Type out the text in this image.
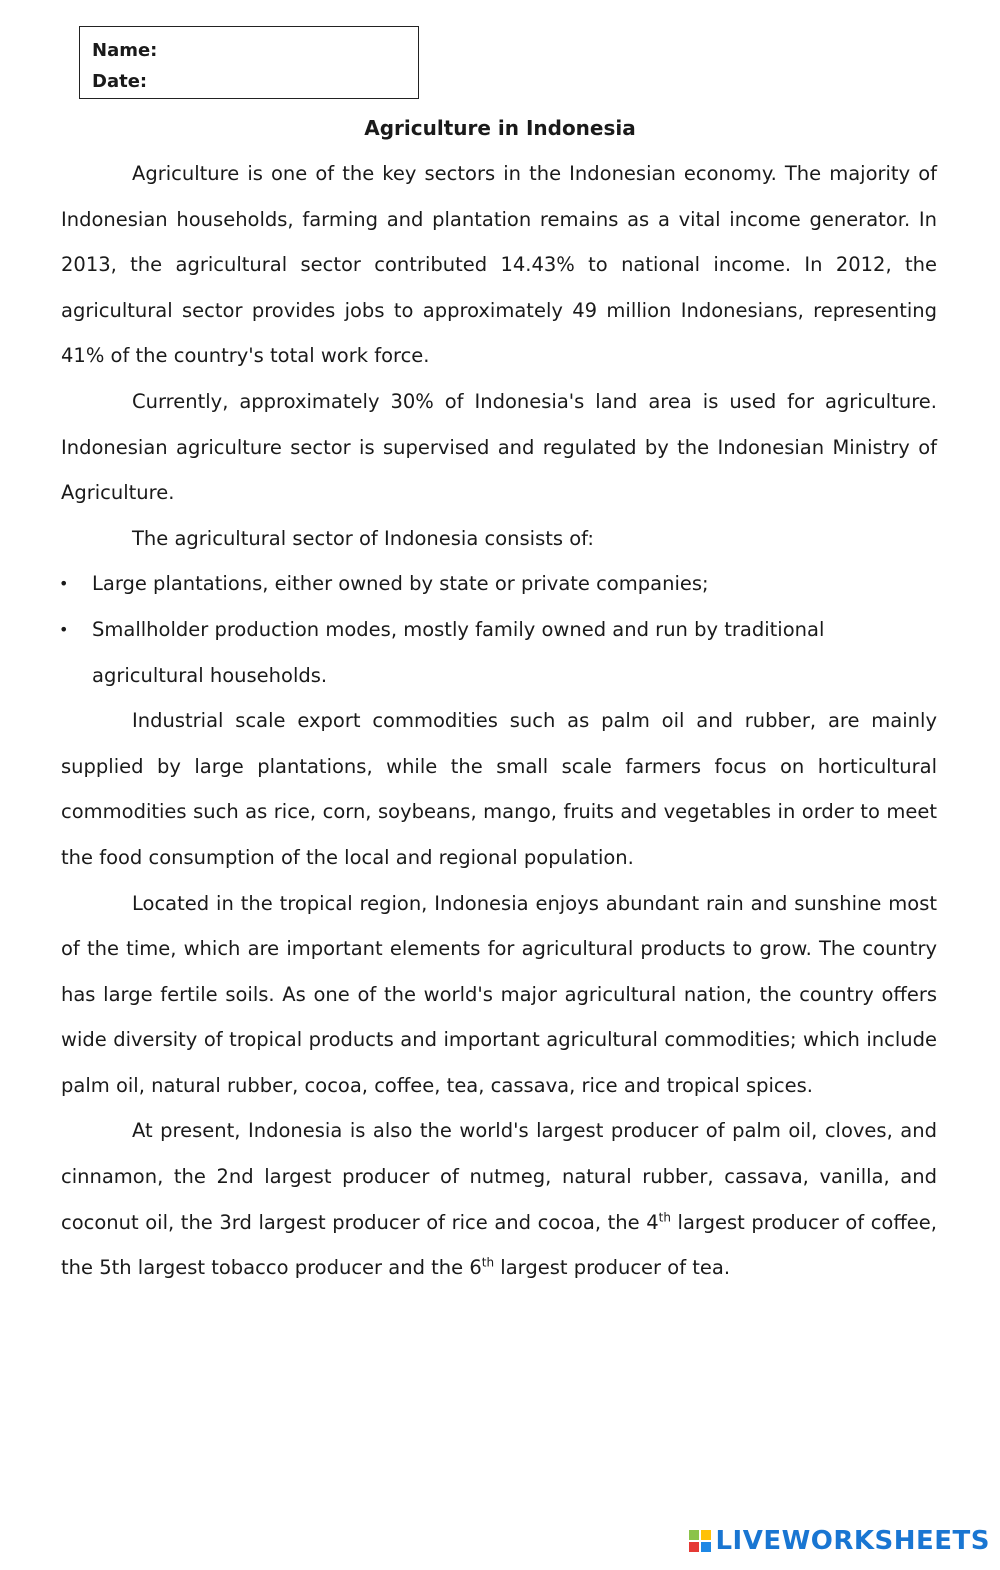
Name:
Date:
Agriculture in Indonesia

Agriculture is one of the key sectors in the Indonesian economy. The majority of Indonesian households, farming and plantation remains as a vital income generator. In 2013, the agricultural sector contributed 14.43% to national income. In 2012, the agricultural sector provides jobs to approximately 49 million Indonesians, representing 41% of the country's total work force.

Currently, approximately 30% of Indonesia's land area is used for agriculture. Indonesian agriculture sector is supervised and regulated by the Indonesian Ministry of Agriculture.

The agricultural sector of Indonesia consists of:

• Large plantations, either owned by state or private companies;
• Smallholder production modes, mostly family owned and run by traditional agricultural households.

Industrial scale export commodities such as palm oil and rubber, are mainly supplied by large plantations, while the small scale farmers focus on horticultural commodities such as rice, corn, soybeans, mango, fruits and vegetables in order to meet the food consumption of the local and regional population.

Located in the tropical region, Indonesia enjoys abundant rain and sunshine most of the time, which are important elements for agricultural products to grow. The country has large fertile soils. As one of the world's major agricultural nation, the country offers wide diversity of tropical products and important agricultural commodities; which include palm oil, natural rubber, cocoa, coffee, tea, cassava, rice and tropical spices.

At present, Indonesia is also the world's largest producer of palm oil, cloves, and cinnamon, the 2nd largest producer of nutmeg, natural rubber, cassava, vanilla, and coconut oil, the 3rd largest producer of rice and cocoa, the 4th largest producer of coffee, the 5th largest tobacco producer and the 6th largest producer of tea.

LIVEWORKSHEETS
